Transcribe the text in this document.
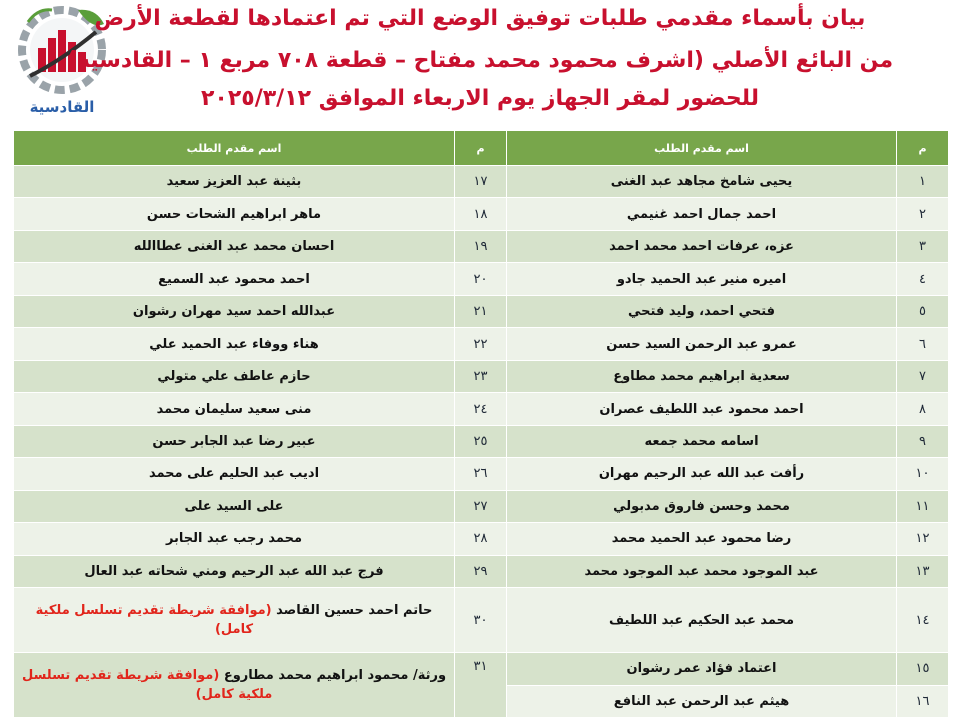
القادسية
بيان بأسماء مقدمي طلبات توفيق الوضع التي تم اعتمادها لقطعة الأرض
من البائع الأصلي (اشرف محمود محمد مفتاح – قطعة ٧٠٨ مربع ١ – القادسية)
للحضور لمقر الجهاز يوم الاربعاء الموافق ٢٠٢٥/٣/١٢
م	اسم مقدم الطلب	م	اسم مقدم الطلب
١	يحيى شامخ مجاهد عبد الغنى	١٧	بثينة عبد العزيز سعيد
٢	احمد جمال احمد غنيمي	١٨	ماهر ابراهيم الشحات حسن
٣	عزه، عرفات احمد محمد احمد	١٩	احسان محمد عبد الغنى عطاالله
٤	اميره منير عبد الحميد جادو	٢٠	احمد محمود عبد السميع
٥	فتحي احمد، وليد فتحي	٢١	عبدالله احمد سيد مهران رشوان
٦	عمرو عبد الرحمن السيد حسن	٢٢	هناء ووفاء عبد الحميد علي
٧	سعدية ابراهيم محمد مطاوع	٢٣	حازم عاطف علي متولي
٨	احمد محمود عبد اللطيف عصران	٢٤	منى سعيد سليمان محمد
٩	اسامه محمد جمعه	٢٥	عبير رضا عبد الجابر حسن
١٠	رأفت عبد الله عبد الرحيم مهران	٢٦	اديب عبد الحليم على محمد
١١	محمد وحسن فاروق مدبولي	٢٧	على السيد على
١٢	رضا محمود عبد الحميد محمد	٢٨	محمد رجب عبد الجابر
١٣	عبد الموجود محمد عبد الموجود محمد	٢٩	فرج عبد الله عبد الرحيم ومني شحاته عبد العال
١٤	محمد عبد الحكيم عبد اللطيف	٣٠	حاتم احمد حسين القاصد (موافقة شريطة تقديم تسلسل ملكية كامل)
١٥	اعتماد فؤاد عمر رشوان	٣١	ورثة/ محمود ابراهيم محمد مطاروع (موافقة شريطة تقديم تسلسل ملكية كامل)
١٦	هيثم عبد الرحمن عبد النافع		
